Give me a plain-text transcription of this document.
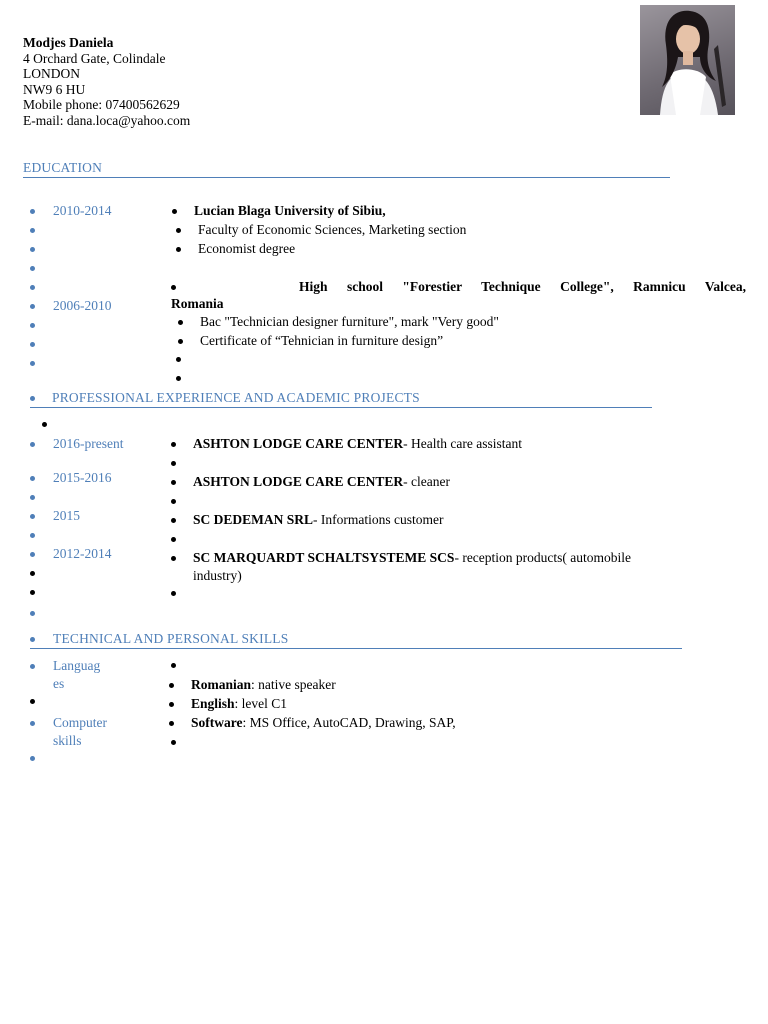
Modjes Daniela
4 Orchard Gate, Colindale
LONDON
NW9 6 HU
Mobile phone: 07400562629
E-mail: dana.loca@yahoo.com
EDUCATION
2010-2014
2006-2010
Lucian Blaga University of Sibiu,
Faculty of Economic Sciences, Marketing section
Economist degree
High school "Forestier Technique College", Ramnicu Valcea,
Romania
Bac "Technician designer furniture", mark "Very good"
Certificate of “Tehnician in furniture design”
PROFESSIONAL EXPERIENCE AND ACADEMIC PROJECTS
2016-present
2015-2016
2015
2012-2014
ASHTON LODGE CARE CENTER- Health care assistant
ASHTON LODGE CARE CENTER- cleaner
SC DEDEMAN SRL- Informations customer
SC MARQUARDT SCHALTSYSTEME SCS- reception products( automobile
industry)
TECHNICAL AND PERSONAL SKILLS
Languag
es
Computer
skills
Romanian: native speaker
English: level C1
Software: MS Office, AutoCAD, Drawing, SAP,
